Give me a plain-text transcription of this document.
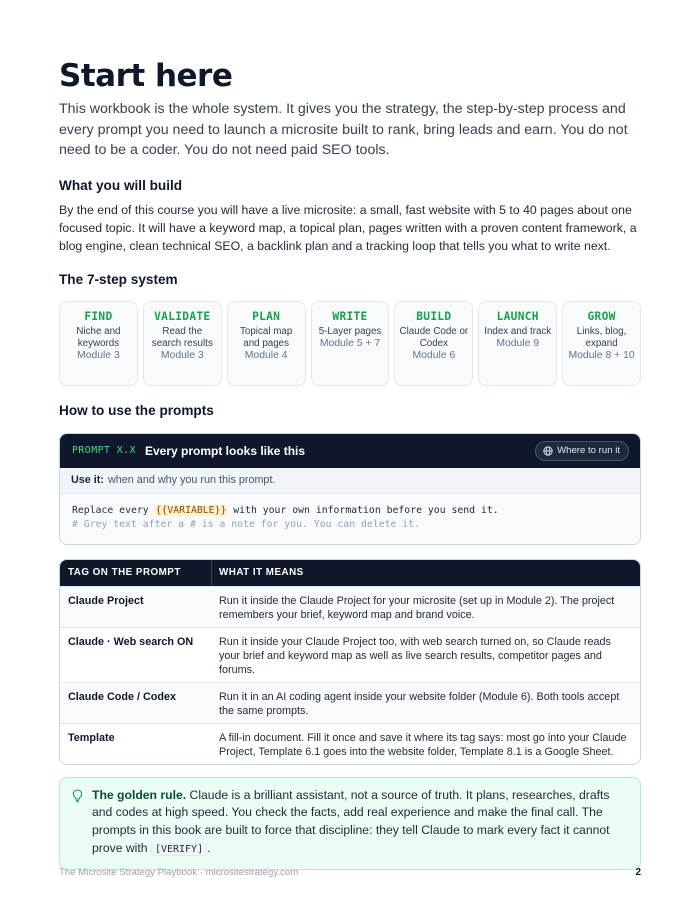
Start here

This workbook is the whole system. It gives you the strategy, the step-by-step process and every prompt you need to launch a microsite built to rank, bring leads and earn. You do not need to be a coder. You do not need paid SEO tools.

What you will build

By the end of this course you will have a live microsite: a small, fast website with 5 to 40 pages about one focused topic. It will have a keyword map, a topical plan, pages written with a proven content framework, a blog engine, clean technical SEO, a backlink plan and a tracking loop that tells you what to write next.

The 7-step system
FIND
Niche and keywords
Module 3
VALIDATE
Read the search results
Module 3
PLAN
Topical map and pages
Module 4
WRITE
5-Layer pages
Module 5 + 7
BUILD
Claude Code or Codex
Module 6
LAUNCH
Index and track
Module 9
GROW
Links, blog, expand
Module 8 + 10
How to use the prompts
PROMPT X.X Every prompt looks like this	Where to run it
Use it: when and why you run this prompt.
Replace every {{VARIABLE}} with your own information before you send it.
# Grey text after a # is a note for you. You can delete it.
TAG ON THE PROMPT	WHAT IT MEANS
Claude Project	Run it inside the Claude Project for your microsite (set up in Module 2). The project remembers your brief, keyword map and brand voice.
Claude · Web search ON	Run it inside your Claude Project too, with web search turned on, so Claude reads your brief and keyword map as well as live search results, competitor pages and forums.
Claude Code / Codex	Run it in an AI coding agent inside your website folder (Module 6). Both tools accept the same prompts.
Template	A fill-in document. Fill it once and save it where its tag says: most go into your Claude Project, Template 6.1 goes into the website folder, Template 8.1 is a Google Sheet.
The golden rule. Claude is a brilliant assistant, not a source of truth. It plans, researches, drafts and codes at high speed. You check the facts, add real experience and make the final call. The prompts in this book are built to force that discipline: they tell Claude to mark every fact it cannot prove with [VERIFY] .
The Microsite Strategy Playbook · micrositestrategy.com	2
